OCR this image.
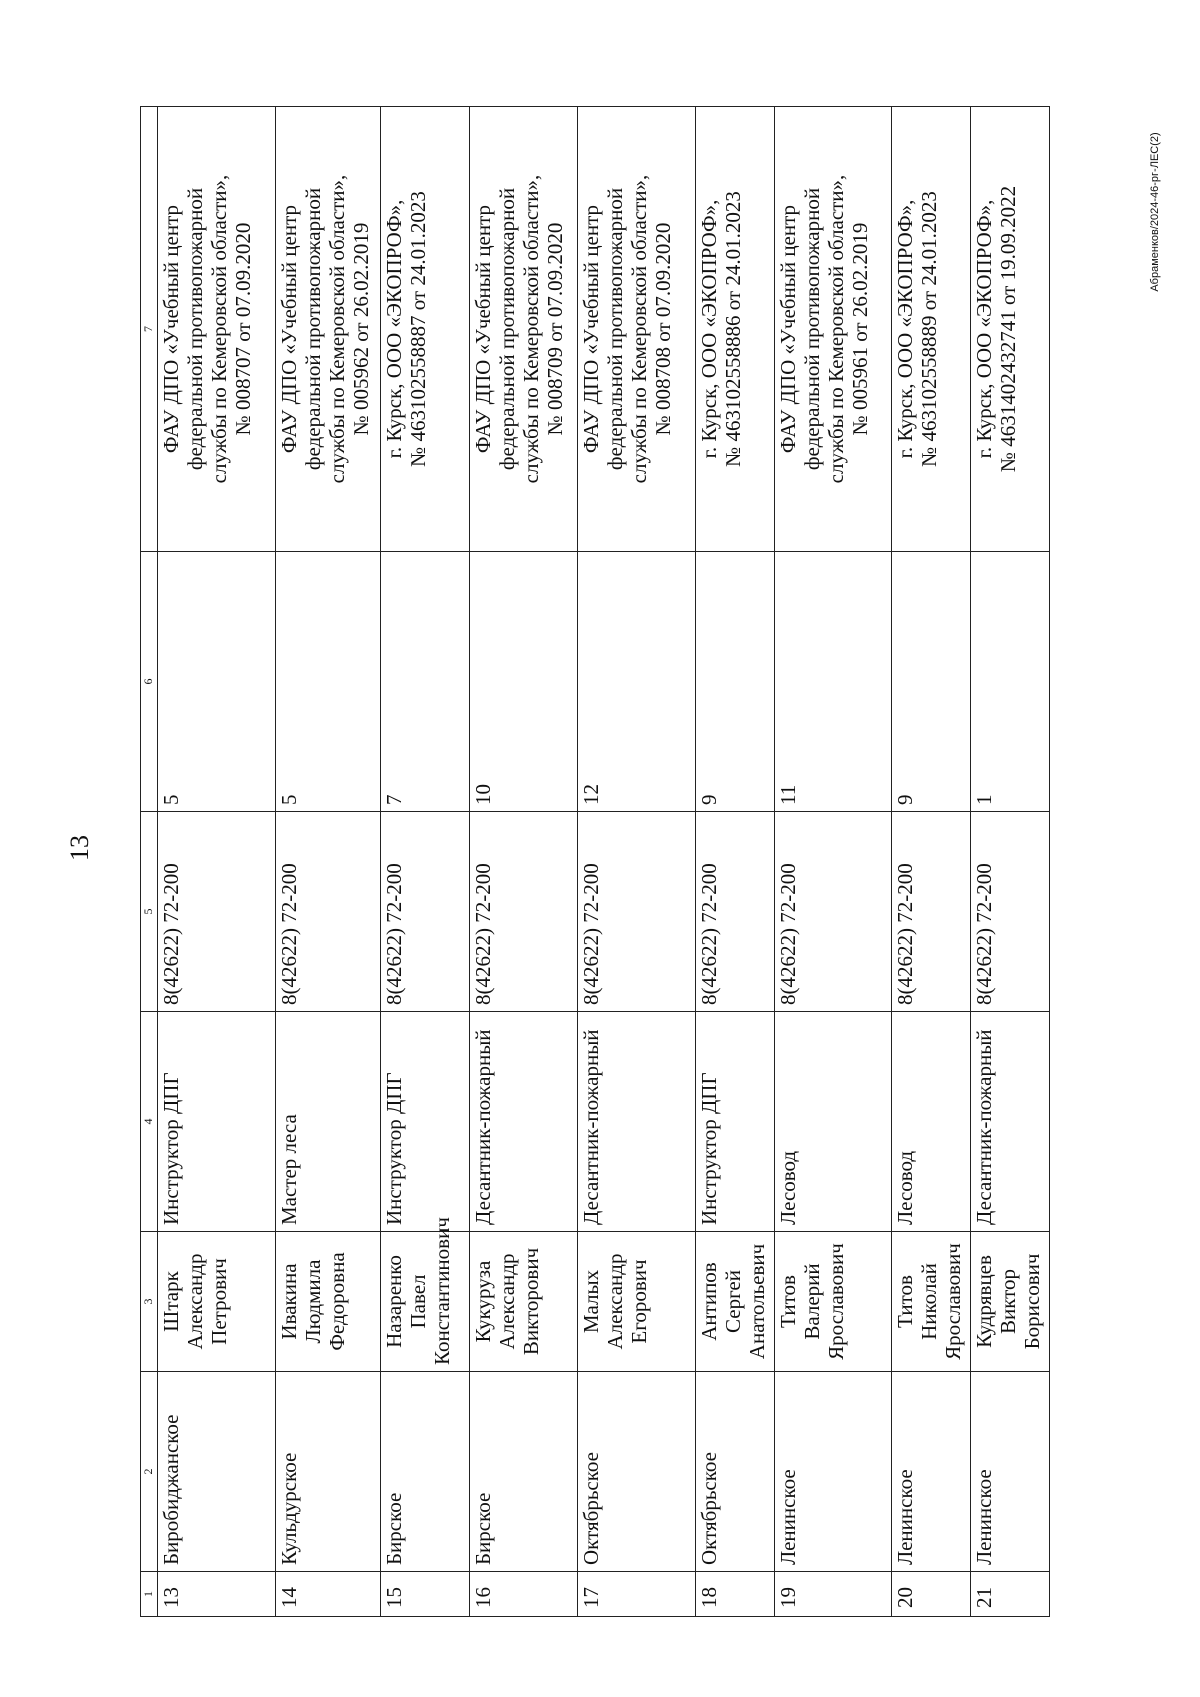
13
Абраменков/2024-46-рг-ЛЕС(2)
1	2	3	4	5	6	7
13	Биробиджанское	Штарк
Александр
Петрович	Инструктор ДПГ	8(42622) 72-200	5	ФАУ ДПО «Учебный центр
федеральной противопожарной
службы по Кемеровской области»,
№ 008707 от 07.09.2020
14	Кульдурское	Ивакина
Людмила
Федоровна	Мастер леса	8(42622) 72-200	5	ФАУ ДПО «Учебный центр
федеральной противопожарной
службы по Кемеровской области»,
№ 005962 от 26.02.2019
15	Бирское	Назаренко
Павел
Константинович	Инструктор ДПГ	8(42622) 72-200	7	г. Курск, ООО «ЭКОПРОФ»,
№ 463102558887 от 24.01.2023
16	Бирское	Кукуруза
Александр
Викторович	Десантник-пожарный	8(42622) 72-200	10	ФАУ ДПО «Учебный центр
федеральной противопожарной
службы по Кемеровской области»,
№ 008709 от 07.09.2020
17	Октябрьское	Малых
Александр
Егорович	Десантник-пожарный	8(42622) 72-200	12	ФАУ ДПО «Учебный центр
федеральной противопожарной
службы по Кемеровской области»,
№ 008708 от 07.09.2020
18	Октябрьское	Антипов Сергей
Анатольевич	Инструктор ДПГ	8(42622) 72-200	9	г. Курск, ООО «ЭКОПРОФ»,
№ 463102558886 от 24.01.2023
19	Ленинское	Титов Валерий
Ярославович	Лесовод	8(42622) 72-200	11	ФАУ ДПО «Учебный центр
федеральной противопожарной
службы по Кемеровской области»,
№ 005961 от 26.02.2019
20	Ленинское	Титов Николай
Ярославович	Лесовод	8(42622) 72-200	9	г. Курск, ООО «ЭКОПРОФ»,
№ 463102558889 от 24.01.2023
21	Ленинское	Кудрявцев
Виктор
Борисович	Десантник-пожарный	8(42622) 72-200	1	г. Курск, ООО «ЭКОПРОФ»,
№ 4631402432741 от 19.09.2022
